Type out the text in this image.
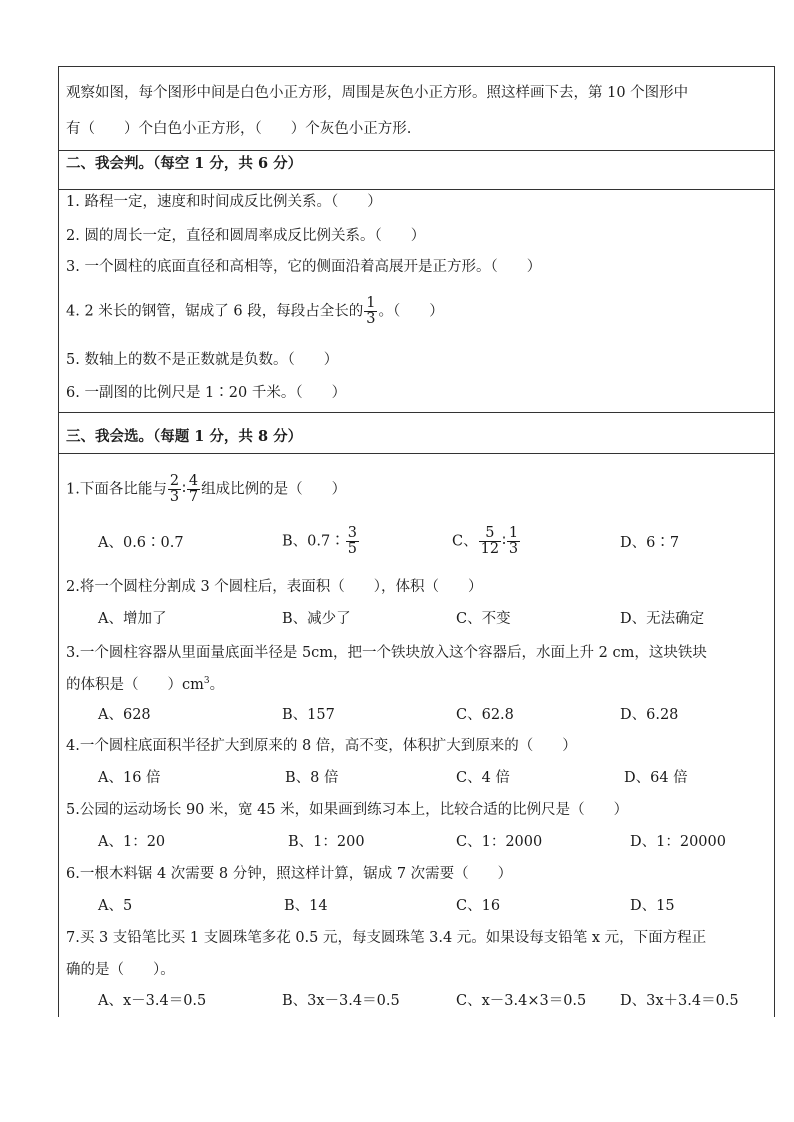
观察如图，每个图形中间是白色小正方形，周围是灰色小正方形。照这样画下去，第 10 个图形中
有（　　）个白色小正方形，（　　）个灰色小正方形.
二、我会判。（每空 1 分，共 6 分）
1. 路程一定，速度和时间成反比例关系。（　　）
2. 圆的周长一定，直径和圆周率成反比例关系。（　　）
3. 一个圆柱的底面直径和高相等，它的侧面沿着高展开是正方形。（　　）
4. 2 米长的钢管，锯成了 6 段，每段占全长的 $\frac{1}{3}$ 。（　　）
5. 数轴上的数不是正数就是负数。（　　）
6. 一副图的比例尺是 1∶20 千米。（　　）
三、我会选。（每题 1 分，共 8 分）
1.下面各比能与 $\frac{2}{3}$ ∶ $\frac{4}{7}$ 组成比例的是（　　）
A、0.6∶0.7	B、0.7∶ $\frac{3}{5}$	C、 $\frac{5}{12}$ ∶ $\frac{1}{3}$	D、6∶7
2.将一个圆柱分割成 3 个圆柱后，表面积（　　），体积（　　）
A、增加了	B、减少了	C、不变	D、无法确定
3.一个圆柱容器从里面量底面半径是 5cm，把一个铁块放入这个容器后，水面上升 2 cm，这块铁块
的体积是（　　）$cm^3$。
A、628	B、157	C、62.8	D、6.28
4.一个圆柱底面积半径扩大到原来的 8 倍，高不变，体积扩大到原来的（　　）
A、16 倍	B、8 倍	C、4 倍	D、64 倍
5.公园的运动场长 90 米，宽 45 米，如果画到练习本上，比较合适的比例尺是（　　）
A、1：20	B、1：200	C、1：2000	D、1：20000
6.一根木料锯 4 次需要 8 分钟，照这样计算，锯成 7 次需要（　　）
A、5	B、14	C、16	D、15
7.买 3 支铅笔比买 1 支圆珠笔多花 0.5 元，每支圆珠笔 3.4 元。如果设每支铅笔 x 元，下面方程正
确的是（　　）。
A、x－3.4＝0.5	B、3x－3.4＝0.5	C、x－3.4×3＝0.5 D、3x＋3.4＝0.5
